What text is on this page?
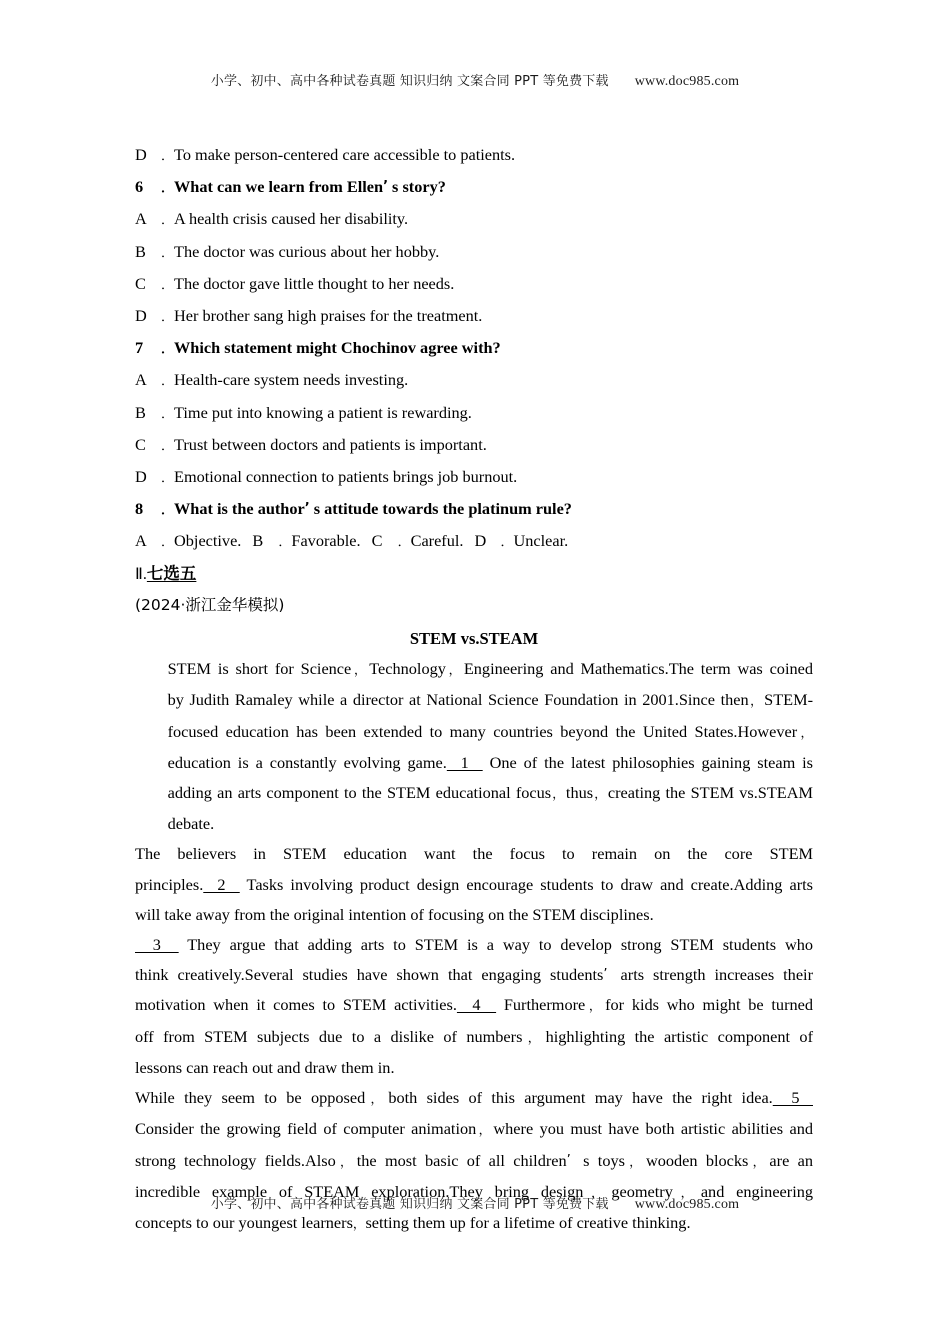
小学、初中、高中各种试卷真题 知识归纳 文案合同 PPT 等免费下载 www.doc985.com
D ．To make person-centered care accessible to patients.
6 ．What can we learn from Ellen’ s story?
A ．A health crisis caused her disability.
B ．The doctor was curious about her hobby.
C ．The doctor gave little thought to her needs.
D ．Her brother sang high praises for the treatment.
7 ．Which statement might Chochinov agree with?
A ．Health-care system needs investing.
B ．Time put into knowing a patient is rewarding.
C ．Trust between doctors and patients is important.
D ．Emotional connection to patients brings job burnout.
8 ．What is the author’ s attitude towards the platinum rule?
A ．Objective. B ．Favorable. C ．Careful. D ．Unclear.
Ⅱ.七选五
(2024·浙江金华模拟)
STEM vs.STEAM

STEM is short for Science，Technology，Engineering and Mathematics.The term was coined
by Judith Ramaley while a director at National Science Foundation in 2001.Since then，STEM-
focused education has been extended to many countries beyond the United States.However，
education is a constantly evolving game.  1   One of the latest philosophies gaining steam is
adding an arts component to the STEM educational focus，thus，creating the STEM vs.STEAM
debate.

The believers in STEM education want the focus to remain on the core STEM
principles.  2   Tasks involving product design encourage students to draw and create.Adding arts
will take away from the original intention of focusing on the STEM disciplines.

3   They argue that adding arts to STEM is a way to develop strong STEM students who
think creatively.Several studies have shown that engaging students’ arts strength increases their
motivation when it comes to STEM activities.  4   Furthermore，for kids who might be turned
off from STEM subjects due to a dislike of numbers，highlighting the artistic component of
lessons can reach out and draw them in.

While they seem to be opposed，both sides of this argument may have the right idea.  5
Consider the growing field of computer animation，where you must have both artistic abilities and
strong technology fields.Also，the most basic of all children’ s toys，wooden blocks，are an
incredible example of STEAM exploration.They bring design，geometry，and engineering
concepts to our youngest learners，setting them up for a lifetime of creative thinking.

小学、初中、高中各种试卷真题 知识归纳 文案合同 PPT 等免费下载 www.doc985.com
